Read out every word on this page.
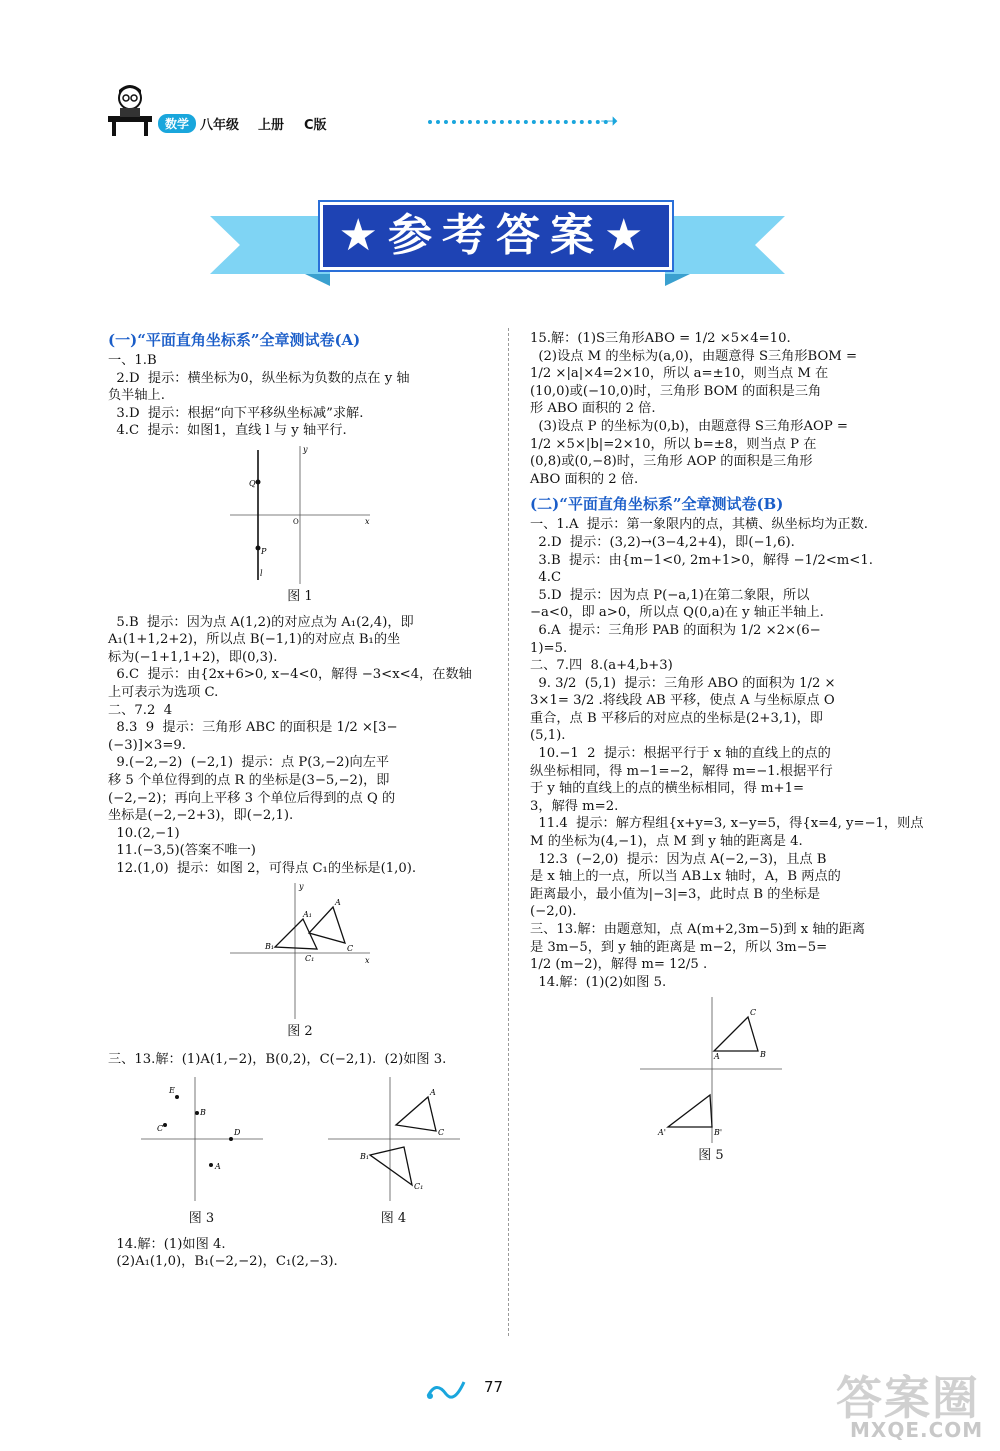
数学 八年级 上册 C版	➝
★参考答案★
(一)“平面直角坐标系”全章测试卷(A)
一、1.B
2.D  提示：横坐标为0，纵坐标为负数的点在 y 轴
负半轴上.
3.D  提示：根据“向下平移纵坐标减”求解.
4.C  提示：如图1，直线 l 与 y 轴平行.
Q
P
l
y
x
O
图 1
5.B  提示：因为点 A(1,2)的对应点为 A₁(2,4)，即
A₁(1+1,2+2)，所以点 B(−1,1)的对应点 B₁的坐
标为(−1+1,1+2)，即(0,3).
6.C  提示：由{2x+6>0, x−4<0，解得 −3<x<4，在数轴
上可表示为选项 C.
二、7.2  4
8.3  9  提示：三角形 ABC 的面积是 1/2 ×[3−
(−3)]×3=9.
9.(−2,−2)  (−2,1)  提示：点 P(3,−2)向左平
移 5 个单位得到的点 R 的坐标是(3−5,−2)，即
(−2,−2)；再向上平移 3 个单位后得到的点 Q 的
坐标是(−2,−2+3)，即(−2,1).
10.(2,−1)
11.(−3,5)(答案不唯一)
12.(1,0)  提示：如图 2，可得点 C₁的坐标是(1,0).
A
C
A₁
B₁
C₁
y
x
图 2
三、13.解：(1)A(1,−2)，B(0,2)，C(−2,1).  (2)如图 3.
E
C
A
D
B
图 3
A
C
C₁
B₁
图 4
14.解：(1)如图 4.
(2)A₁(1,0)，B₁(−2,−2)，C₁(2,−3).
15.解：(1)S三角形ABO = 1/2 ×5×4=10.
(2)设点 M 的坐标为(a,0)，由题意得 S三角形BOM =
1/2 ×|a|×4=2×10，所以 a=±10，则当点 M 在
(10,0)或(−10,0)时，三角形 BOM 的面积是三角
形 ABO 面积的 2 倍.
(3)设点 P 的坐标为(0,b)，由题意得 S三角形AOP =
1/2 ×5×|b|=2×10，所以 b=±8，则当点 P 在
(0,8)或(0,−8)时，三角形 AOP 的面积是三角形
ABO 面积的 2 倍.
(二)“平面直角坐标系”全章测试卷(B)
一、1.A  提示：第一象限内的点，其横、纵坐标均为正数.
2.D  提示：(3,2)→(3−4,2+4)，即(−1,6).
3.B  提示：由{m−1<0, 2m+1>0，解得 −1/2<m<1.
4.C
5.D  提示：因为点 P(−a,1)在第二象限，所以
−a<0，即 a>0，所以点 Q(0,a)在 y 轴正半轴上.
6.A  提示：三角形 PAB 的面积为 1/2 ×2×(6−
1)=5.
二、7.四  8.(a+4,b+3)
9. 3/2  (5,1)  提示：三角形 ABO 的面积为 1/2 ×
3×1= 3/2 .将线段 AB 平移，使点 A 与坐标原点 O
重合，点 B 平移后的对应点的坐标是(2+3,1)，即
(5,1).
10.−1  2  提示：根据平行于 x 轴的直线上的点的
纵坐标相同，得 m−1=−2，解得 m=−1.根据平行
于 y 轴的直线上的点的横坐标相同，得 m+1=
3，解得 m=2.
11.4  提示：解方程组{x+y=3, x−y=5，得{x=4, y=−1，则点
M 的坐标为(4,−1)，点 M 到 y 轴的距离是 4.
12.3  (−2,0)  提示：因为点 A(−2,−3)，且点 B
是 x 轴上的一点，所以当 AB⊥x 轴时，A，B 两点的
距离最小，最小值为|−3|=3，此时点 B 的坐标是
(−2,0).
三、13.解：由题意知，点 A(m+2,3m−5)到 x 轴的距离
是 3m−5，到 y 轴的距离是 m−2，所以 3m−5=
1/2 (m−2)，解得 m= 12/5 .
14.解：(1)(2)如图 5.
C
B
A
A'	B'
图 5
77	答案圈
MXQE.COM
